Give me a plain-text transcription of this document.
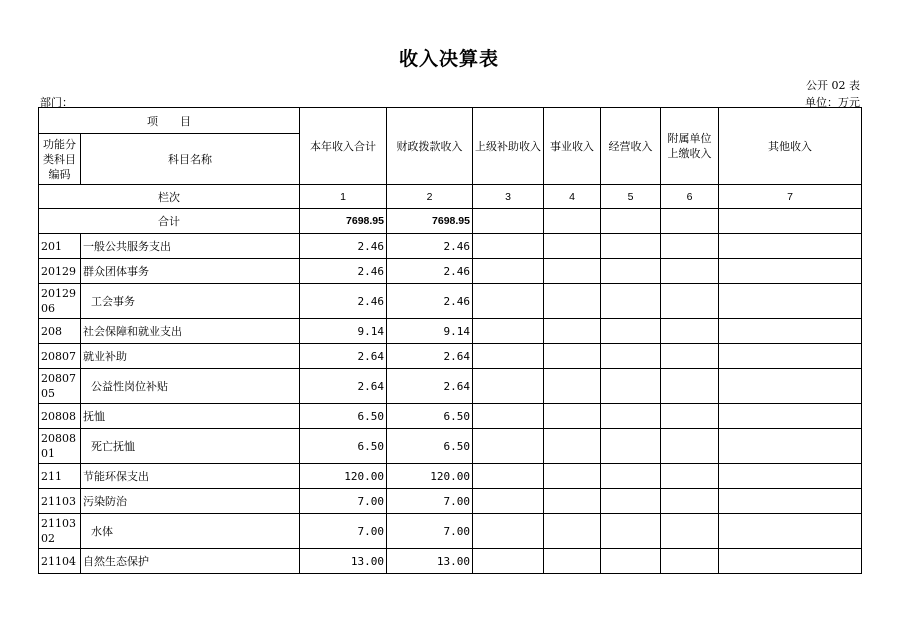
收入决算表
公开 02 表
部门：	单位：万元
项　　目		本年收入合计	财政拨款收入	上级补助收入	事业收入	经营收入	附属单位上缴收入	其他收入
功能分类科目编码	科目名称							

栏次		1	2	3	4	5	6	7
合计		7698.95	7698.95					
201	一般公共服务支出	2.46	2.46					
20129	群众团体事务	2.46	2.46					
2012906	工会事务	2.46	2.46					
208	社会保障和就业支出	9.14	9.14					
20807	就业补助	2.64	2.64					
2080705	公益性岗位补贴	2.64	2.64					
20808	抚恤	6.50	6.50					
2080801	死亡抚恤	6.50	6.50					
211	节能环保支出	120.00	120.00					
21103	污染防治	7.00	7.00					
2110302	水体	7.00	7.00					
21104	自然生态保护	13.00	13.00					
